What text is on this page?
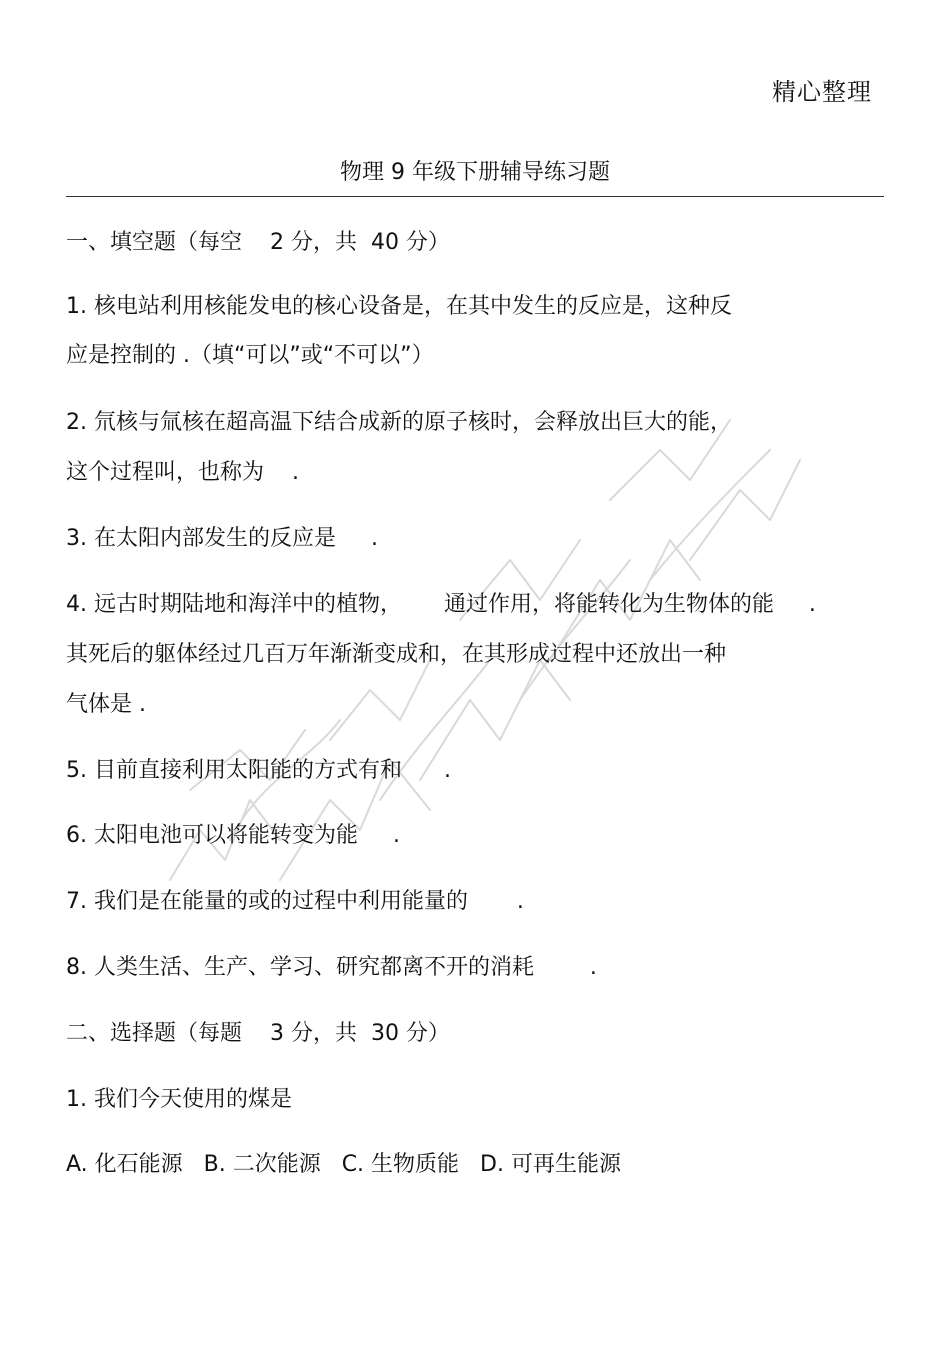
精心整理
物理 9 年级下册辅导练习题
一、填空题（每空    2 分，共  40 分）
1. 核电站利用核能发电的核心设备是，在其中发生的反应是，这种反
应是控制的 .（填“可以”或“不可以”）
2. 氘核与氚核在超高温下结合成新的原子核时，会释放出巨大的能，
这个过程叫，也称为    .
3. 在太阳内部发生的反应是     .
4. 远古时期陆地和海洋中的植物，      通过作用，将能转化为生物体的能     .
其死后的躯体经过几百万年渐渐变成和，在其形成过程中还放出一种
气体是 .
5. 目前直接利用太阳能的方式有和      .
6. 太阳电池可以将能转变为能     .
7. 我们是在能量的或的过程中利用能量的       .
8. 人类生活、生产、学习、研究都离不开的消耗        .
二、选择题（每题    3 分，共  30 分）
1. 我们今天使用的煤是
A. 化石能源   B. 二次能源   C. 生物质能   D. 可再生能源
